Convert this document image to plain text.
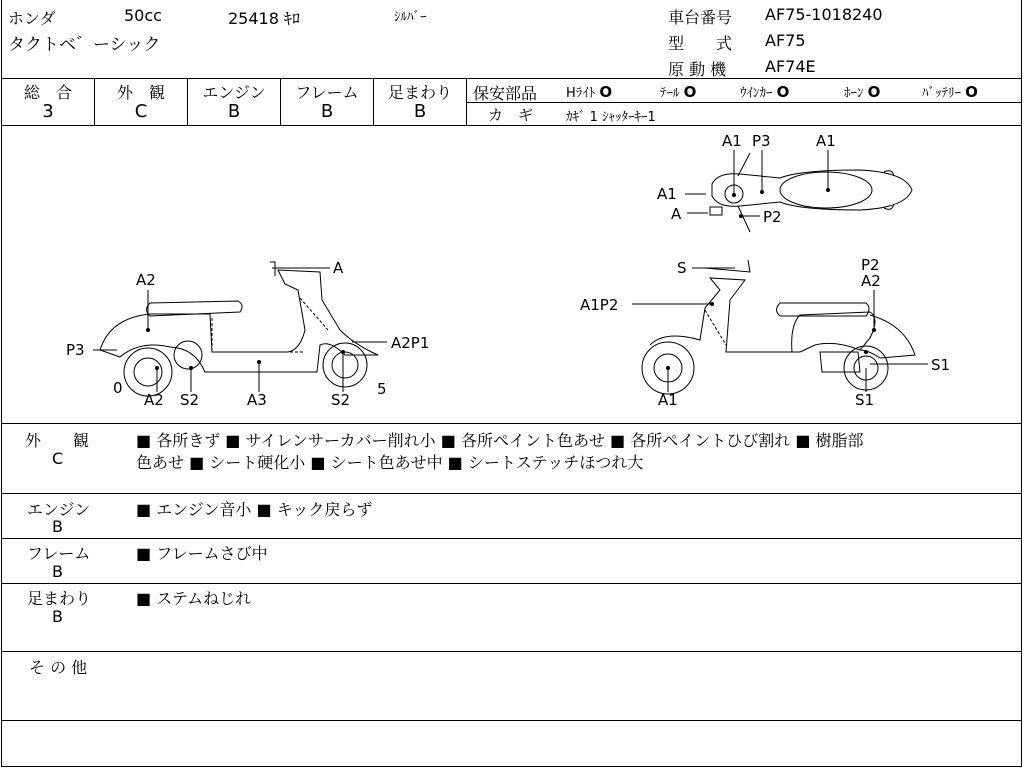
ホンダ	50cc	25418 ｷﾛ	ｼﾙﾊﾞｰ
タクトベ゛ーシック
車台番号 AF75-1018240
型　　式 AF75
原 動 機 AF74E
総　合
3
外　観
C
エンジン
B
フレーム
B
足まわり
B
保安部品 Hﾗｲﾄ O	ﾃｰﾙ O	ｳｲﾝｶｰ O	ﾎｰﾝ O	ﾊﾞｯﾃﾘｰ O
カ　ギ	ｶｷﾞ 1 ｼｬｯﾀｰｷｰ1
A
A2
P3
0
A2 S2	A3	S2
5
A2P1
A1 P3	A1
A1
A	P2
S
A1P2
P2
A2
S1
A1	S1
外　　観
C
■ 各所きず ■ サイレンサーカバー削れ小 ■ 各所ペイント色あせ ■ 各所ペイントひび割れ ■ 樹脂部
色あせ ■ シート硬化小 ■ シート色あせ中 ■ シートステッチほつれ大
エンジン
B
■ エンジン音小 ■ キック戻らず
フレーム
B
■ フレームさび中
足まわり
B
■ ステムねじれ
そ の 他
